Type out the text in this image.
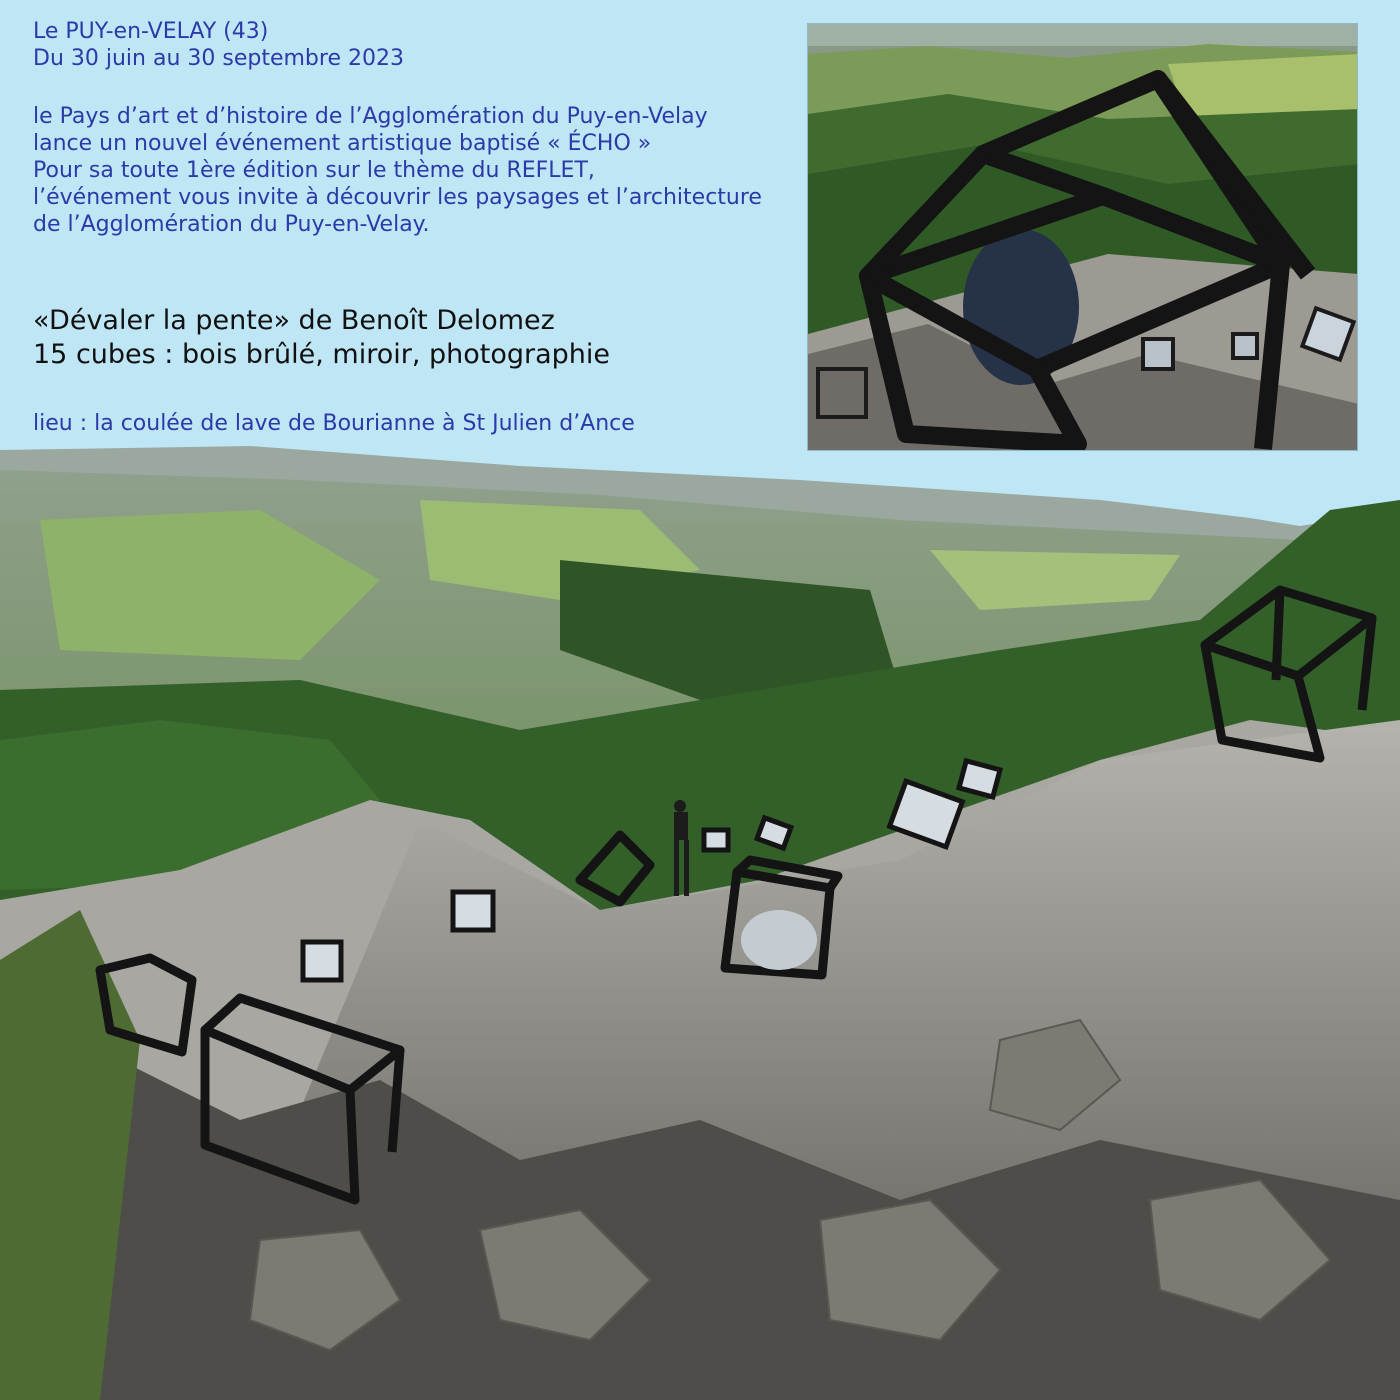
Le PUY-en-VELAY (43)
Du 30 juin au 30 septembre 2023
le Pays d’art et d’histoire de l’Agglomération du Puy-en-Velay
lance un nouvel événement artistique baptisé « ÉCHO »
Pour sa toute 1ère édition sur le thème du REFLET,
l’événement vous invite à découvrir les paysages et l’architecture
de l’Agglomération du Puy-en-Velay.
«Dévaler la pente» de Benoît Delomez
15 cubes : bois brûlé, miroir, photographie
lieu : la coulée de lave de Bourianne à St Julien d’Ance
